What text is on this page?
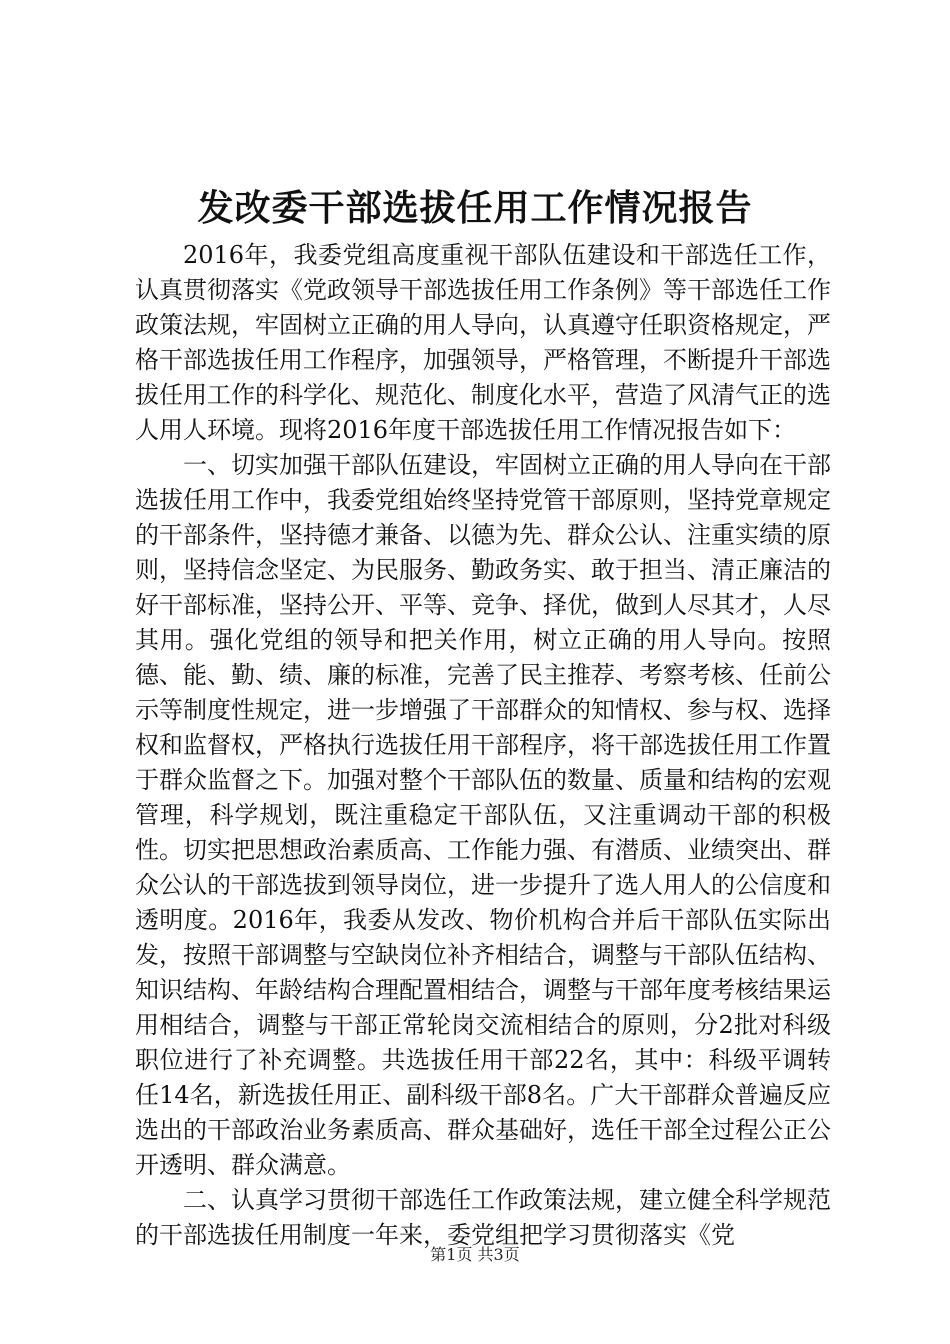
发改委干部选拔任用工作情况报告

2016年，我委党组高度重视干部队伍建设和干部选任工作，认真贯彻落实《党政领导干部选拔任用工作条例》等干部选任工作政策法规，牢固树立正确的用人导向，认真遵守任职资格规定，严格干部选拔任用工作程序，加强领导，严格管理，不断提升干部选拔任用工作的科学化、规范化、制度化水平，营造了风清气正的选人用人环境。现将2016年度干部选拔任用工作情况报告如下：

一、切实加强干部队伍建设，牢固树立正确的用人导向在干部选拔任用工作中，我委党组始终坚持党管干部原则，坚持党章规定的干部条件，坚持德才兼备、以德为先、群众公认、注重实绩的原则，坚持信念坚定、为民服务、勤政务实、敢于担当、清正廉洁的好干部标准，坚持公开、平等、竞争、择优，做到人尽其才，人尽其用。强化党组的领导和把关作用，树立正确的用人导向。按照德、能、勤、绩、廉的标准，完善了民主推荐、考察考核、任前公示等制度性规定，进一步增强了干部群众的知情权、参与权、选择权和监督权，严格执行选拔任用干部程序，将干部选拔任用工作置于群众监督之下。加强对整个干部队伍的数量、质量和结构的宏观管理，科学规划，既注重稳定干部队伍，又注重调动干部的积极性。切实把思想政治素质高、工作能力强、有潜质、业绩突出、群众公认的干部选拔到领导岗位，进一步提升了选人用人的公信度和透明度。2016年，我委从发改、物价机构合并后干部队伍实际出发，按照干部调整与空缺岗位补齐相结合，调整与干部队伍结构、知识结构、年龄结构合理配置相结合，调整与干部年度考核结果运用相结合，调整与干部正常轮岗交流相结合的原则，分2批对科级职位进行了补充调整。共选拔任用干部22名，其中：科级平调转任14名，新选拔任用正、副科级干部8名。广大干部群众普遍反应选出的干部政治业务素质高、群众基础好，选任干部全过程公正公开透明、群众满意。

二、认真学习贯彻干部选任工作政策法规，建立健全科学规范的干部选拔任用制度一年来，委党组把学习贯彻落实《党

第1页 共3页
